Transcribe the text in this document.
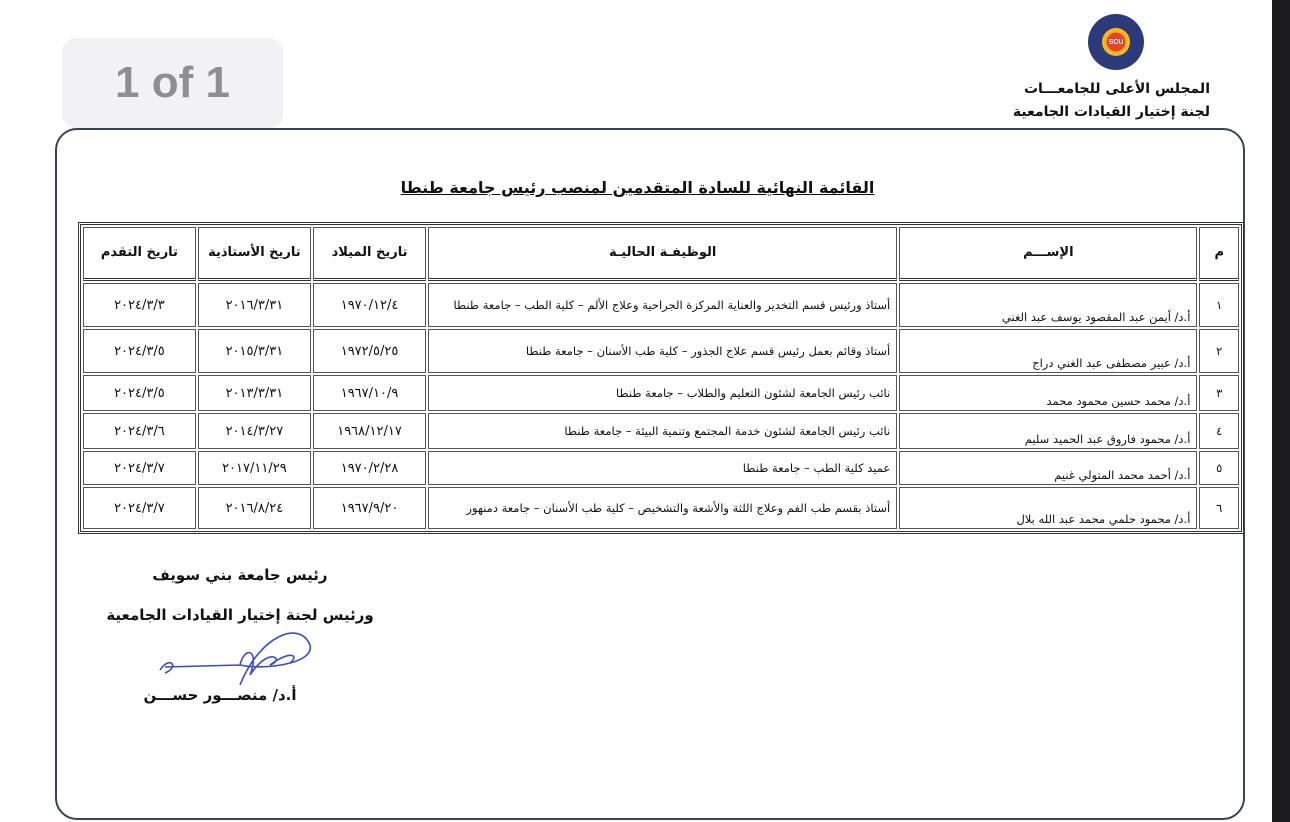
1 of 1
SCU
المجلس الأعلى للجامعـــات
لجنة إختيار القيادات الجامعية
القائمة النهائية للسادة المتقدمين لمنصب رئيس جامعة طنطا
م	الإســـم	الوظيفـة الحاليـة	تاريخ الميلاد	تاريخ الأستاذية	تاريخ التقدم
١	أ.د/ أيمن عبد المقصود يوسف عبد الغني	أستاذ ورئيس قسم التخدير والعناية المركزة الجراحية وعلاج الألم – كلية الطب – جامعة طنطا	١٩٧٠/١٢/٤	٢٠١٦/٣/٣١	٢٠٢٤/٣/٣
٢	أ.د/ عبير مصطفى عبد الغني دراج	أستاذ وقائم بعمل رئيس قسم علاج الجذور – كلية طب الأسنان – جامعة طنطا	١٩٧٢/٥/٢٥	٢٠١٥/٣/٣١	٢٠٢٤/٣/٥
٣	أ.د/ محمد حسين محمود محمد	نائب رئيس الجامعة لشئون التعليم والطلاب – جامعة طنطا	١٩٦٧/١٠/٩	٢٠١٣/٣/٣١	٢٠٢٤/٣/٥
٤	أ.د/ محمود فاروق عبد الحميد سليم	نائب رئيس الجامعة لشئون خدمة المجتمع وتنمية البيئة – جامعة طنطا	١٩٦٨/١٢/١٧	٢٠١٤/٣/٢٧	٢٠٢٤/٣/٦
٥	أ.د/ أحمد محمد المتولي غنيم	عميد كلية الطب – جامعة طنطا	١٩٧٠/٢/٢٨	٢٠١٧/١١/٢٩	٢٠٢٤/٣/٧
٦	أ.د/ محمود حلمي محمد عبد الله بلال	أستاذ بقسم طب الفم وعلاج اللثة والأشعة والتشخيص – كلية طب الأسنان – جامعة دمنهور	١٩٦٧/٩/٢٠	٢٠١٦/٨/٢٤	٢٠٢٤/٣/٧
رئيس جامعة بني سويف
ورئيس لجنة إختيار القيادات الجامعية
أ.د/ منصـــور حســـن
